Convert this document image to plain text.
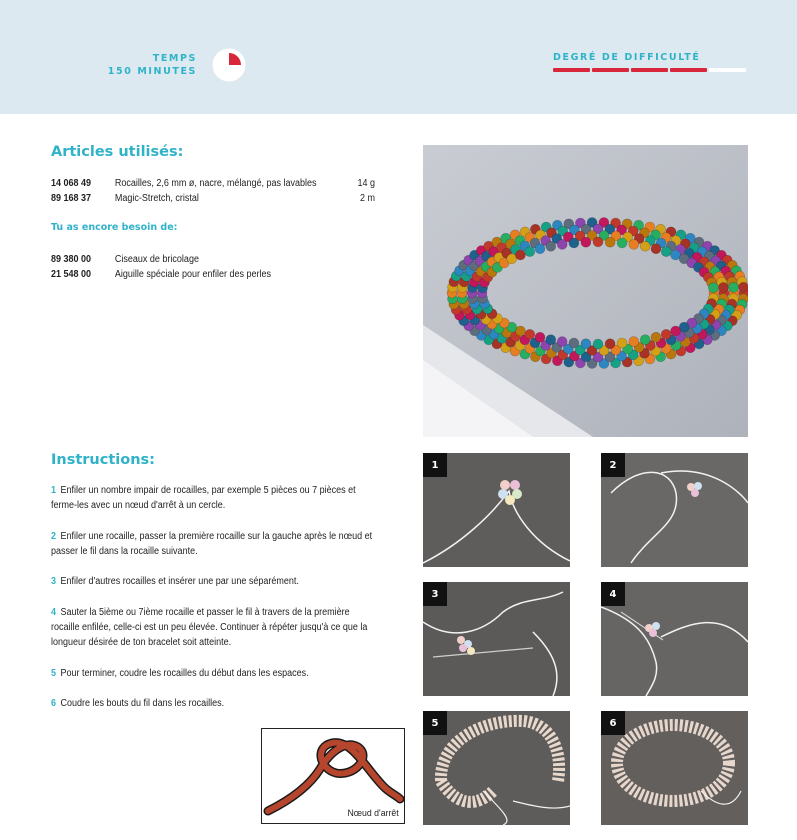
TEMPS
150 MINUTES
DEGRÉ DE DIFFICULTÉ
Articles utilisés:
14 068 49 Rocailles, 2,6 mm ø, nacre, mélangé, pas lavables	14 g
89 168 37 Magic-Stretch, cristal	2 m
Tu as encore besoin de:
89 380 00 Ciseaux de bricolage
21 548 00 Aiguille spéciale pour enfiler des perles
Instructions:

1 Enfiler un nombre impair de rocailles, par exemple 5 pièces ou 7 pièces et ferme-les avec un nœud d'arrêt à un cercle.

2 Enfiler une rocaille, passer la première rocaille sur la gauche après le nœud et passer le fil dans la rocaille suivante.

3 Enfiler d'autres rocailles et insérer une par une séparément.

4 Sauter la 5ième ou 7ième rocaille et passer le fil à travers de la première rocaille enfilée, celle-ci est un peu élevée. Continuer à répéter jusqu'à ce que la longueur désirée de ton bracelet soit atteinte.

5 Pour terminer, coudre les rocailles du début dans les espaces.

6 Coudre les bouts du fil dans les rocailles.

Nœud d'arrêt
1	2
3	4
5	6
